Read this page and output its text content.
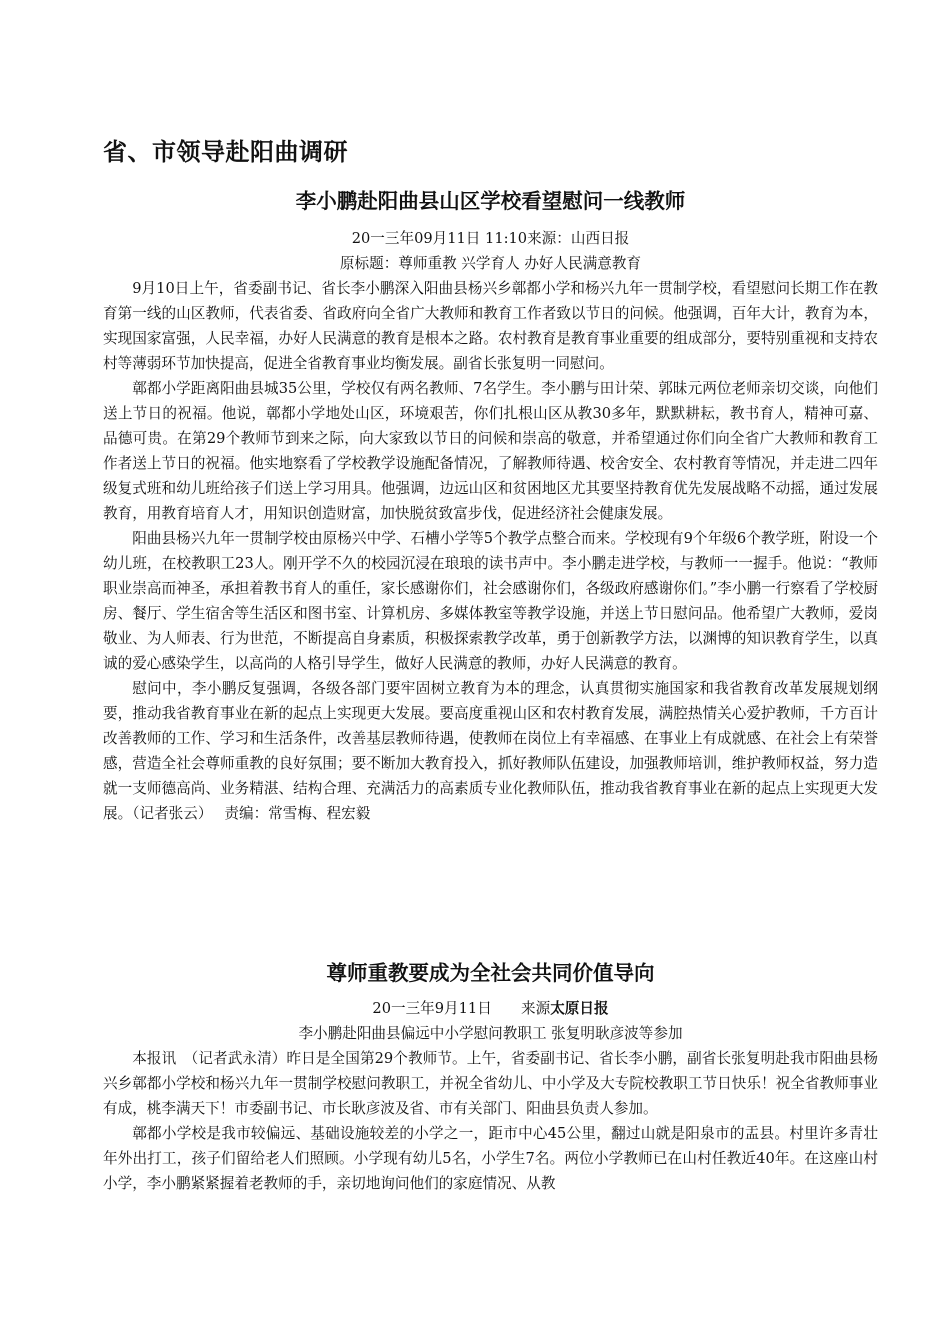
省、市领导赴阳曲调研
李小鹏赴阳曲县山区学校看望慰问一线教师
20一三年09月11日 11:10来源：山西日报
原标题：尊师重教 兴学育人 办好人民满意教育

9月10日上午，省委副书记、省长李小鹏深入阳曲县杨兴乡鄣都小学和杨兴九年一贯制学校，看望慰问长期工作在教育第一线的山区教师，代表省委、省政府向全省广大教师和教育工作者致以节日的问候。他强调，百年大计，教育为本，实现国家富强，人民幸福，办好人民满意的教育是根本之路。农村教育是教育事业重要的组成部分，要特别重视和支持农村等薄弱环节加快提高，促进全省教育事业均衡发展。副省长张复明一同慰问。

鄣都小学距离阳曲县城35公里，学校仅有两名教师、7名学生。李小鹏与田计荣、郭昧元两位老师亲切交谈，向他们送上节日的祝福。他说，鄣都小学地处山区，环境艰苦，你们扎根山区从教30多年，默默耕耘，教书育人，精神可嘉、品德可贵。在第29个教师节到来之际，向大家致以节日的问候和崇高的敬意，并希望通过你们向全省广大教师和教育工作者送上节日的祝福。他实地察看了学校教学设施配备情况，了解教师待遇、校舍安全、农村教育等情况，并走进二四年级复式班和幼儿班给孩子们送上学习用具。他强调，边远山区和贫困地区尤其要坚持教育优先发展战略不动摇，通过发展教育，用教育培育人才，用知识创造财富，加快脱贫致富步伐，促进经济社会健康发展。

阳曲县杨兴九年一贯制学校由原杨兴中学、石槽小学等5个教学点整合而来。学校现有9个年级6个教学班，附设一个幼儿班，在校教职工23人。刚开学不久的校园沉浸在琅琅的读书声中。李小鹏走进学校，与教师一一握手。他说：“教师职业崇高而神圣，承担着教书育人的重任，家长感谢你们，社会感谢你们，各级政府感谢你们。”李小鹏一行察看了学校厨房、餐厅、学生宿舍等生活区和图书室、计算机房、多媒体教室等教学设施，并送上节日慰问品。他希望广大教师，爱岗敬业、为人师表、行为世范，不断提高自身素质，积极探索教学改革，勇于创新教学方法，以渊博的知识教育学生，以真诚的爱心感染学生，以高尚的人格引导学生，做好人民满意的教师，办好人民满意的教育。

慰问中，李小鹏反复强调，各级各部门要牢固树立教育为本的理念，认真贯彻实施国家和我省教育改革发展规划纲要，推动我省教育事业在新的起点上实现更大发展。要高度重视山区和农村教育发展，满腔热情关心爱护教师，千方百计改善教师的工作、学习和生活条件，改善基层教师待遇，使教师在岗位上有幸福感、在事业上有成就感、在社会上有荣誉感，营造全社会尊师重教的良好氛围；要不断加大教育投入，抓好教师队伍建设，加强教师培训，维护教师权益，努力造就一支师德高尚、业务精湛、结构合理、充满活力的高素质专业化教师队伍，推动我省教育事业在新的起点上实现更大发展。（记者张云）　 责编：常雪梅、程宏毅

尊师重教要成为全社会共同价值导向
20一三年9月11日　　来源太原日报
李小鹏赴阳曲县偏远中小学慰问教职工 张复明耿彦波等参加

本报讯　（记者武永清）昨日是全国第29个教师节。上午，省委副书记、省长李小鹏，副省长张复明赴我市阳曲县杨兴乡鄣都小学校和杨兴九年一贯制学校慰问教职工，并祝全省幼儿、中小学及大专院校教职工节日快乐！祝全省教师事业有成，桃李满天下！市委副书记、市长耿彦波及省、市有关部门、阳曲县负责人参加。

鄣都小学校是我市较偏远、基础设施较差的小学之一，距市中心45公里，翻过山就是阳泉市的盂县。村里许多青壮年外出打工，孩子们留给老人们照顾。小学现有幼儿5名，小学生7名。两位小学教师已在山村任教近40年。在这座山村小学，李小鹏紧紧握着老教师的手，亲切地询问他们的家庭情况、从教
